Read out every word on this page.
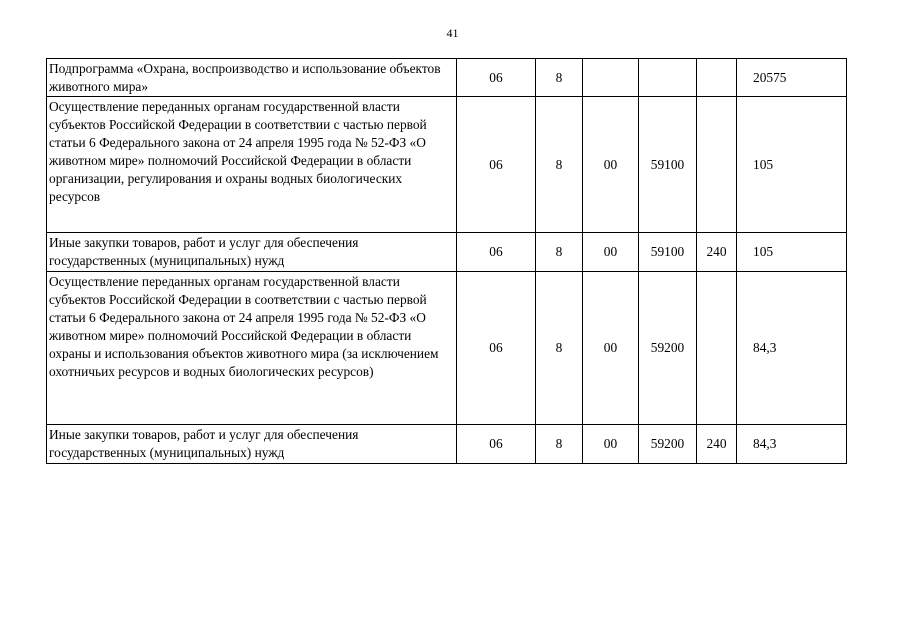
41
Подпрограмма «Охрана, воспроизводство и использование объектов животного мира»	06	8				20575
Осуществление переданных органам государственной власти субъектов Российской Федерации в соответствии с частью первой статьи 6 Федерального закона от 24 апреля 1995 года № 52-ФЗ «О животном мире» полномочий Российской Федерации в области организации, регулирования и охраны водных биологических ресурсов	06	8	00	59100		105
Иные закупки товаров, работ и услуг для обеспечения государственных (муниципальных) нужд	06	8	00	59100	240	105
Осуществление переданных органам государственной власти субъектов Российской Федерации в соответствии с частью первой статьи 6 Федерального закона от 24 апреля 1995 года № 52-ФЗ «О животном мире» полномочий Российской Федерации в области охраны и использования объектов животного мира (за исключением охотничьих ресурсов и водных биологических ресурсов)	06	8	00	59200		84,3
Иные закупки товаров, работ и услуг для обеспечения государственных (муниципальных) нужд	06	8	00	59200	240	84,3
